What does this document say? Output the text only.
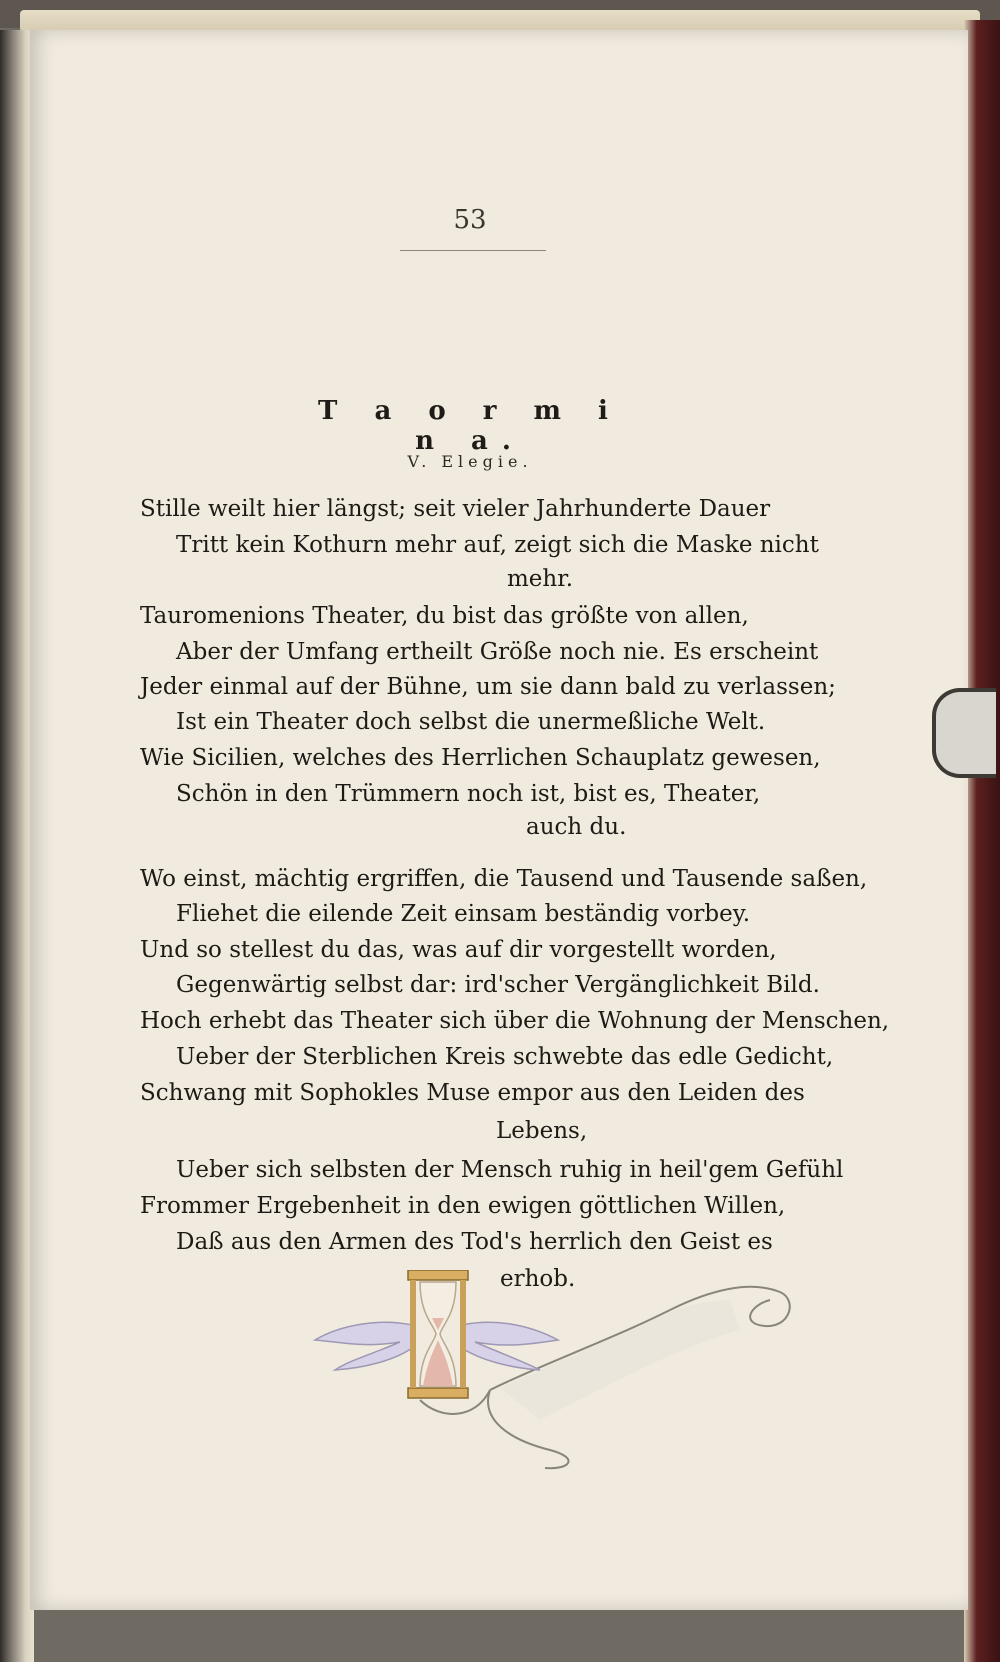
53
T a o r m i n a.
V. Elegie.
Stille weilt hier längst; seit vieler Jahrhunderte Dauer
Tritt kein Kothurn mehr auf, zeigt sich die Maske nicht
mehr.
Tauromenions Theater, du bist das größte von allen,
Aber der Umfang ertheilt Größe noch nie. Es erscheint
Jeder einmal auf der Bühne, um sie dann bald zu verlassen;
Ist ein Theater doch selbst die unermeßliche Welt.
Wie Sicilien, welches des Herrlichen Schauplatz gewesen,
Schön in den Trümmern noch ist, bist es, Theater,
auch du.
Wo einst, mächtig ergriffen, die Tausend und Tausende saßen,
Fliehet die eilende Zeit einsam beständig vorbey.
Und so stellest du das, was auf dir vorgestellt worden,
Gegenwärtig selbst dar: ird'scher Vergänglichkeit Bild.
Hoch erhebt das Theater sich über die Wohnung der Menschen,
Ueber der Sterblichen Kreis schwebte das edle Gedicht,
Schwang mit Sophokles Muse empor aus den Leiden des
Lebens,
Ueber sich selbsten der Mensch ruhig in heil'gem Gefühl
Frommer Ergebenheit in den ewigen göttlichen Willen,
Daß aus den Armen des Tod's herrlich den Geist es
erhob.
